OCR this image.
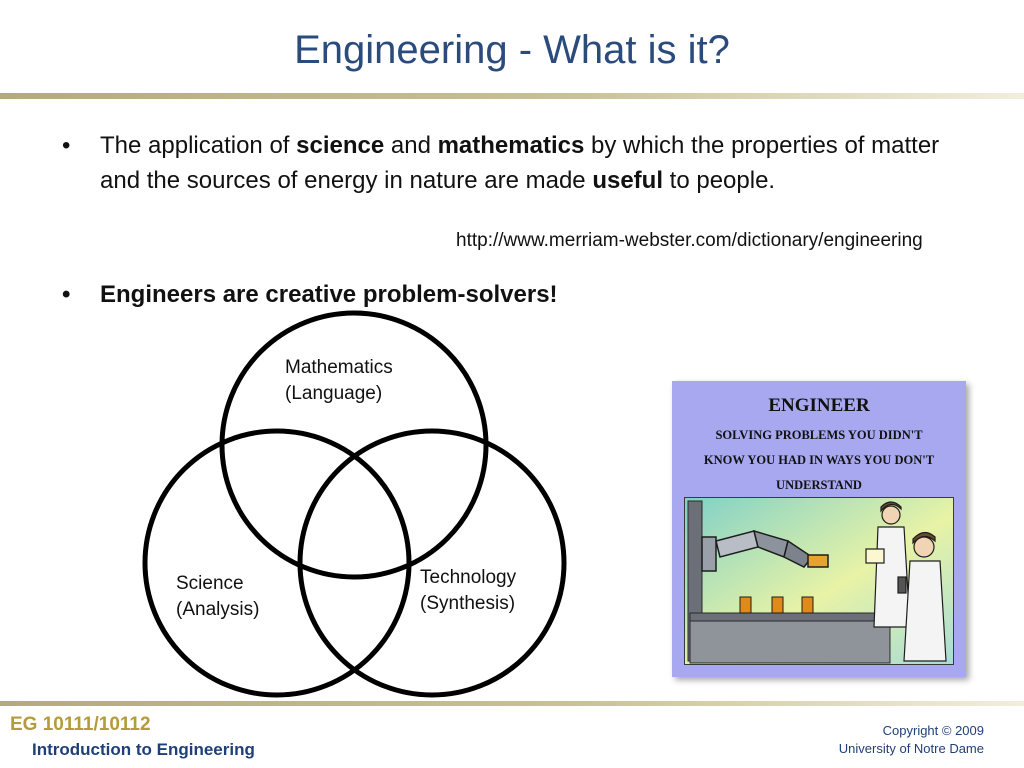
Engineering - What is it?
• The application of science and mathematics by which the properties of matter and the sources of energy in nature are made useful to people.
http://www.merriam-webster.com/dictionary/engineering
• Engineers are creative problem-solvers!
Mathematics
(Language)
Science
(Analysis)
Technology
(Synthesis)
ENGINEER
SOLVING PROBLEMS YOU DIDN'T
KNOW YOU HAD IN WAYS YOU DON'T
UNDERSTAND
EG 10111/10112
Introduction to Engineering
Copyright © 2009
University of Notre Dame
